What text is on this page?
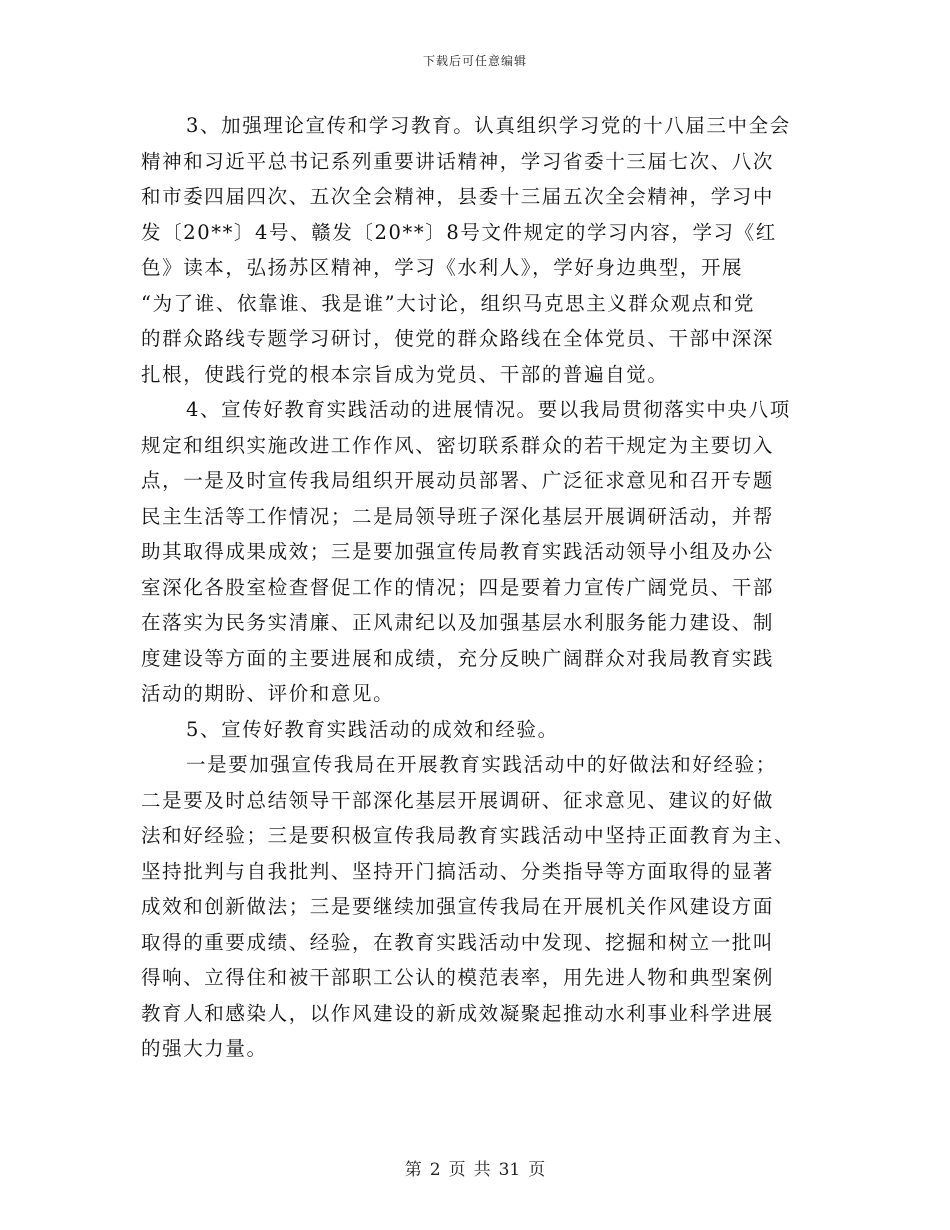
下载后可任意编辑
3、加强理论宣传和学习教育。认真组织学习党的十八届三中全会
精神和习近平总书记系列重要讲话精神，学习省委十三届七次、八次
和市委四届四次、五次全会精神，县委十三届五次全会精神，学习中
发〔20**〕4号、赣发〔20**〕8号文件规定的学习内容，学习《红
色》读本，弘扬苏区精神，学习《水利人》，学好身边典型，开展
“为了谁、依靠谁、我是谁”大讨论，组织马克思主义群众观点和党
的群众路线专题学习研讨，使党的群众路线在全体党员、干部中深深
扎根，使践行党的根本宗旨成为党员、干部的普遍自觉。
4、宣传好教育实践活动的进展情况。要以我局贯彻落实中央八项
规定和组织实施改进工作作风、密切联系群众的若干规定为主要切入
点，一是及时宣传我局组织开展动员部署、广泛征求意见和召开专题
民主生活等工作情况；二是局领导班子深化基层开展调研活动，并帮
助其取得成果成效；三是要加强宣传局教育实践活动领导小组及办公
室深化各股室检查督促工作的情况；四是要着力宣传广阔党员、干部
在落实为民务实清廉、正风肃纪以及加强基层水利服务能力建设、制
度建设等方面的主要进展和成绩，充分反映广阔群众对我局教育实践
活动的期盼、评价和意见。
5、宣传好教育实践活动的成效和经验。
一是要加强宣传我局在开展教育实践活动中的好做法和好经验；
二是要及时总结领导干部深化基层开展调研、征求意见、建议的好做
法和好经验；三是要积极宣传我局教育实践活动中坚持正面教育为主、
坚持批判与自我批判、坚持开门搞活动、分类指导等方面取得的显著
成效和创新做法；三是要继续加强宣传我局在开展机关作风建设方面
取得的重要成绩、经验，在教育实践活动中发现、挖掘和树立一批叫
得响、立得住和被干部职工公认的模范表率，用先进人物和典型案例
教育人和感染人，以作风建设的新成效凝聚起推动水利事业科学进展
的强大力量。
第 2 页 共 31 页
